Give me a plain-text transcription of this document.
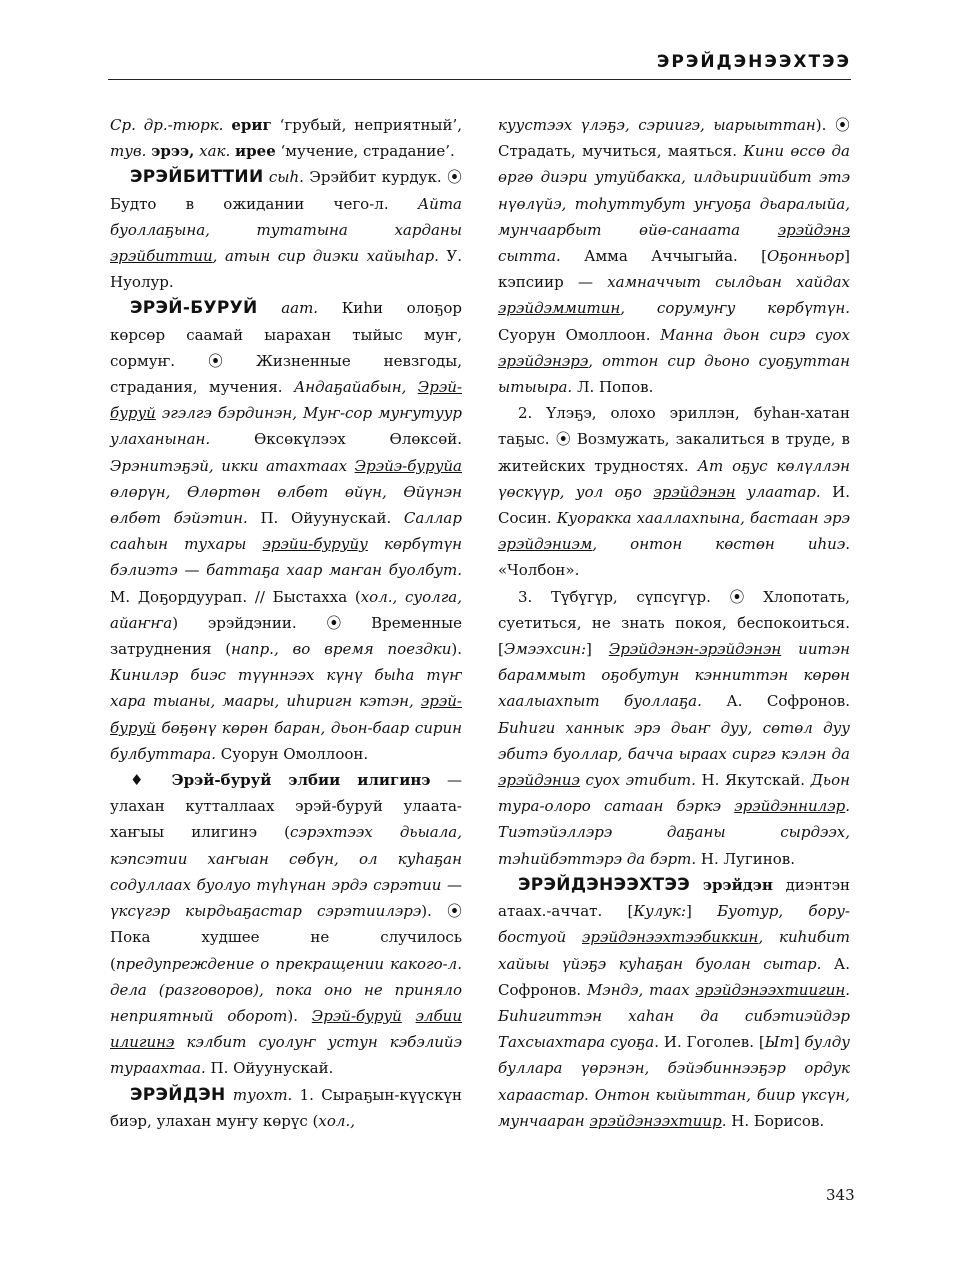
ЭРЭЙДЭНЭЭХТЭЭ

Ср. др.-тюрк. ериг ‘грубый, неприятный’, тув. эрээ, хак. ирее ‘мучение, страдание’.

ЭРЭЙБИТТИИ сыһ. Эрэйбит курдук. ⦿ Будто в ожидании чего-л. Айта буоллаҕына, тутатына харданы эрэйбиттии, атын сир диэки хайыһар. У. Нуолур.

ЭРЭЙ-БУРУЙ аат. Киһи олоҕор көрсөр саамай ыарахан тыйыс муҥ, сормуҥ. ⦿ Жизненные невзгоды, страдания, мучения. Андаҕайабын, Эрэй-буруй эгэлгэ бэрдинэн, Муҥ-сор муҥутуур улаханынан. Өксөкүлээх Өлөксөй. Эрэнитэҕэй, икки атахтаах Эрэйэ-буруйа өлөрүн, Өлөртөн өлбөт өйүн, Өйүнэн өлбөт бэйэтин. П. Ойуунускай. Саллар сааһын тухары эрэйи-буруйу көрбүтүн бэлиэтэ — баттаҕа хаар маҥан буолбут. М. Доҕордуурап. // Быстахха (хол., суолга, айаҥҥа) эрэйдэнии. ⦿ Временные затруднения (напр., во время поездки). Кинилэр биэс түүннээх күнү быһа түҥ хара тыаны, маары, иһиригн кэтэн, эрэй-буруй бөҕөнү көрөн баран, дьон-баар сирин булбуттара. Суорун Омоллоон.

♦ Эрэй-буруй элбии илигинэ — улахан кутталлаах эрэй-буруй улаата-хаҥыы илигинэ (сэрэхтээх дьыала, кэпсэтии хаҥыан сөбүн, ол куһаҕан содуллаах буолуо түһүнан эрдэ сэрэтии — үксүгэр кырдьаҕастар сэрэтиилэрэ). ⦿ Пока худшее не случилось (предупреждение о прекращении какого-л. дела (разговоров), пока оно не приняло неприятный оборот). Эрэй-буруй элбии илигинэ кэлбит суолуҥ устун кэбэлийэ тураахтаа. П. Ойуунускай.

ЭРЭЙДЭН туохт. 1. Сыраҕын-күүскүн биэр, улахан муҥу көрүс (хол.,

куустээх үлэҕэ, сэриигэ, ыарыыттан). ⦿ Страдать, мучиться, маяться. Кини өссө да өргө диэри утуйбакка, илдьириийбит этэ нүөлүйэ, тоһуттубут уҥуоҕа дьаралыйа, мунчаарбыт өйө-санаата эрэйдэнэ сытта. Амма Аччыгыйа. [Оҕонньор] кэпсиир — хамначчыт сылдьан хайдах эрэйдэммитин, сорумуҥу көрбүтүн. Суорун Омоллоон. Манна дьон сирэ суох эрэйдэнэрэ, оттон сир дьоно суоҕуттан ытыыра. Л. Попов.

2. Үлэҕэ, олохо эриллэн, буһан-хатан таҕыс. ⦿ Возмужать, закалиться в труде, в житейских трудностях. Ат оҕус көлүллэн үөскүүр, уол оҕо эрэйдэнэн улаатар. И. Сосин. Куоракка хааллахпына, бастаан эрэ эрэйдэниэм, онтон көстөн иһиэ. «Чолбон».

3. Түбүгүр, сүпсүгүр. ⦿ Хлопотать, суетиться, не знать покоя, беспокоиться. [Эмээхсин:] Эрэйдэнэн-эрэйдэнэн иитэн бараммыт оҕобутун кэнниттэн көрөн хаалыахпыт буоллаҕа. А. Софронов. Биһиги ханнык эрэ дьаҥ дуу, сөтөл дуу эбитэ буоллар, бачча ыраах сиргэ кэлэн да эрэйдэниэ суох этибит. Н. Якутскай. Дьон тура-олоро сатаан бэркэ эрэйдэннилэр. Тиэтэйэллэрэ даҕаны сырдээх, тэһийбэттэрэ да бэрт. Н. Лугинов.

ЭРЭЙДЭНЭЭХТЭЭ эрэйдэн диэнтэн атаах.-аччат. [Кулук:] Буотур, бору-бостуой эрэйдэнээхтээбиккин, киһибит хайыы үйэҕэ куһаҕан буолан сытар. А. Софронов. Мэндэ, таах эрэйдэнээхтиигин. Биһигиттэн хаһан да сибэтиэйдэр Тахсыахтара суоҕа. И. Гоголев. [Ыт] булду буллара үөрэнэн, бэйэбиннээҕэр ордук хараастар. Онтон кыйыттан, биир үксүн, мунчааран эрэйдэнээхтиир. Н. Борисов.

343
